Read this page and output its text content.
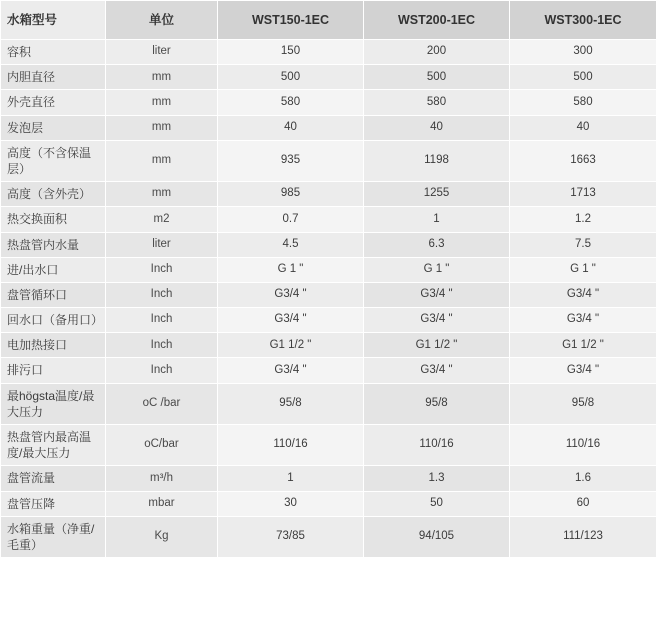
水箱型号	单位	WST150-1EC	WST200-1EC	WST300-1EC
容积	liter	150	200	300
内胆直径	mm	500	500	500
外壳直径	mm	580	580	580
发泡层	mm	40	40	40
高度（不含保温层）	mm	935	1198	1663
高度（含外壳）	mm	985	1255	1713
热交换面积	m2	0.7	1	1.2
热盘管内水量	liter	4.5	6.3	7.5
进/出水口	Inch	G 1 "	G 1 "	G 1 "
盘管循环口	Inch	G3/4 "	G3/4 "	G3/4 "
回水口（备用口）	Inch	G3/4 "	G3/4 "	G3/4 "
电加热接口	Inch	G1 1/2 "	G1 1/2 "	G1 1/2 "
排污口	Inch	G3/4 "	G3/4 "	G3/4 "
最högsta温度/最大压力	oC /bar	95/8	95/8	95/8
热盘管内最高温度/最大压力	oC/bar	110/16	110/16	110/16
盘管流量	m³/h	1	1.3	1.6
盘管压降	mbar	30	50	60
水箱重量（净重/毛重）	Kg	73/85	94/105	111/123
